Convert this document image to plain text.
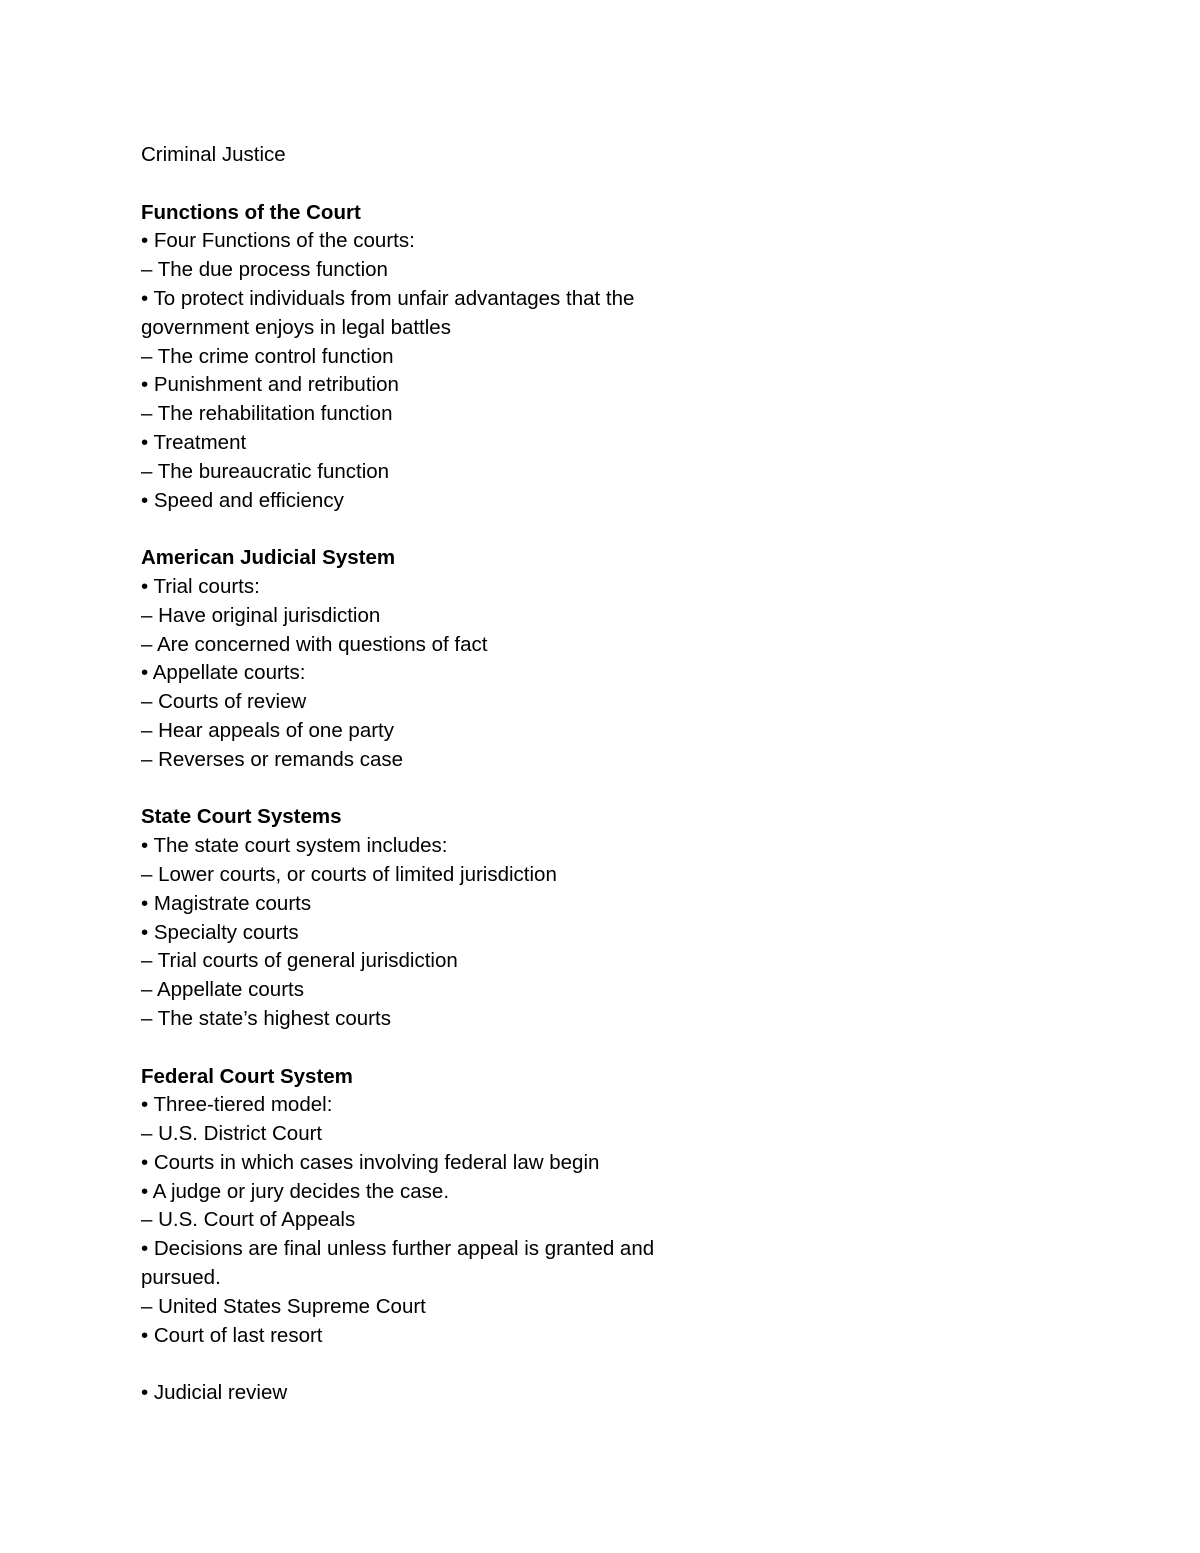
Criminal Justice
Functions of the Court
• Four Functions of the courts:
– The due process function
• To protect individuals from unfair advantages that the government enjoys in legal battles
– The crime control function
• Punishment and retribution
– The rehabilitation function
• Treatment
– The bureaucratic function
• Speed and efficiency
American Judicial System
• Trial courts:
– Have original jurisdiction
– Are concerned with questions of fact
• Appellate courts:
– Courts of review
– Hear appeals of one party
– Reverses or remands case
State Court Systems
• The state court system includes:
– Lower courts, or courts of limited jurisdiction
• Magistrate courts
• Specialty courts
– Trial courts of general jurisdiction
– Appellate courts
– The state’s highest courts
Federal Court System
• Three-tiered model:
– U.S. District Court
• Courts in which cases involving federal law begin
• A judge or jury decides the case.
– U.S. Court of Appeals
• Decisions are final unless further appeal is granted and pursued.
– United States Supreme Court
• Court of last resort
• Judicial review
